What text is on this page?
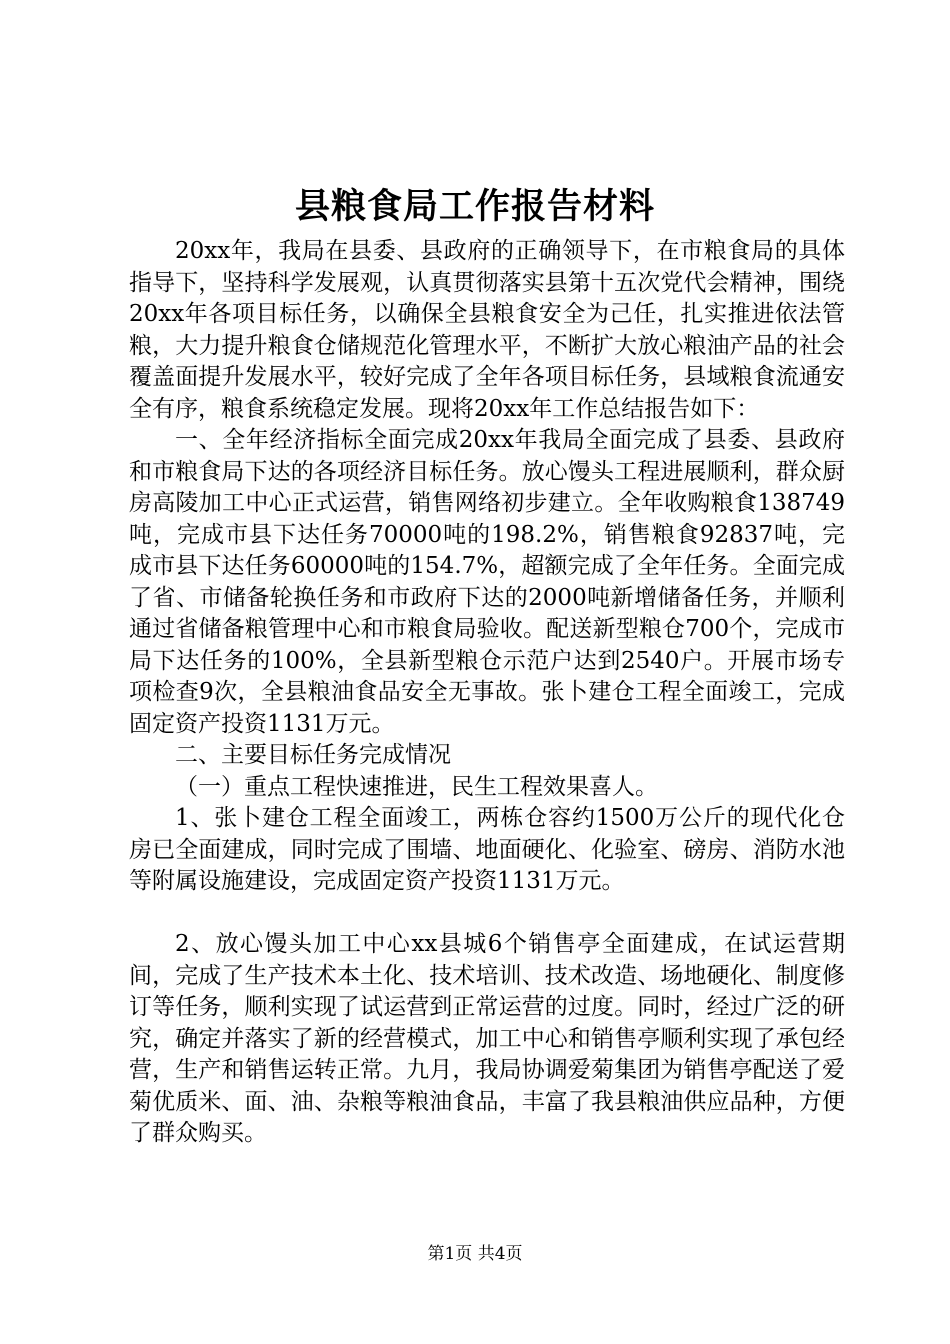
县粮食局工作报告材料

20xx年，我局在县委、县政府的正确领导下，在市粮食局的具体指导下，坚持科学发展观，认真贯彻落实县第十五次党代会精神，围绕20xx年各项目标任务，以确保全县粮食安全为己任，扎实推进依法管粮，大力提升粮食仓储规范化管理水平，不断扩大放心粮油产品的社会覆盖面提升发展水平，较好完成了全年各项目标任务，县域粮食流通安全有序，粮食系统稳定发展。现将20xx年工作总结报告如下：

一、全年经济指标全面完成20xx年我局全面完成了县委、县政府和市粮食局下达的各项经济目标任务。放心馒头工程进展顺利，群众厨房高陵加工中心正式运营，销售网络初步建立。全年收购粮食138749吨，完成市县下达任务70000吨的198.2%，销售粮食92837吨，完成市县下达任务60000吨的154.7%，超额完成了全年任务。全面完成了省、市储备轮换任务和市政府下达的2000吨新增储备任务，并顺利通过省储备粮管理中心和市粮食局验收。配送新型粮仓700个，完成市局下达任务的100%，全县新型粮仓示范户达到2540户。开展市场专项检查9次，全县粮油食品安全无事故。张卜建仓工程全面竣工，完成固定资产投资1131万元。

二、主要目标任务完成情况

（一）重点工程快速推进，民生工程效果喜人。

1、张卜建仓工程全面竣工，两栋仓容约1500万公斤的现代化仓房已全面建成，同时完成了围墙、地面硬化、化验室、磅房、消防水池等附属设施建设，完成固定资产投资1131万元。

2、放心馒头加工中心xx县城6个销售亭全面建成，在试运营期间，完成了生产技术本土化、技术培训、技术改造、场地硬化、制度修订等任务，顺利实现了试运营到正常运营的过度。同时，经过广泛的研究，确定并落实了新的经营模式，加工中心和销售亭顺利实现了承包经营，生产和销售运转正常。九月，我局协调爱菊集团为销售亭配送了爱菊优质米、面、油、杂粮等粮油食品，丰富了我县粮油供应品种，方便了群众购买。

第1页 共4页
